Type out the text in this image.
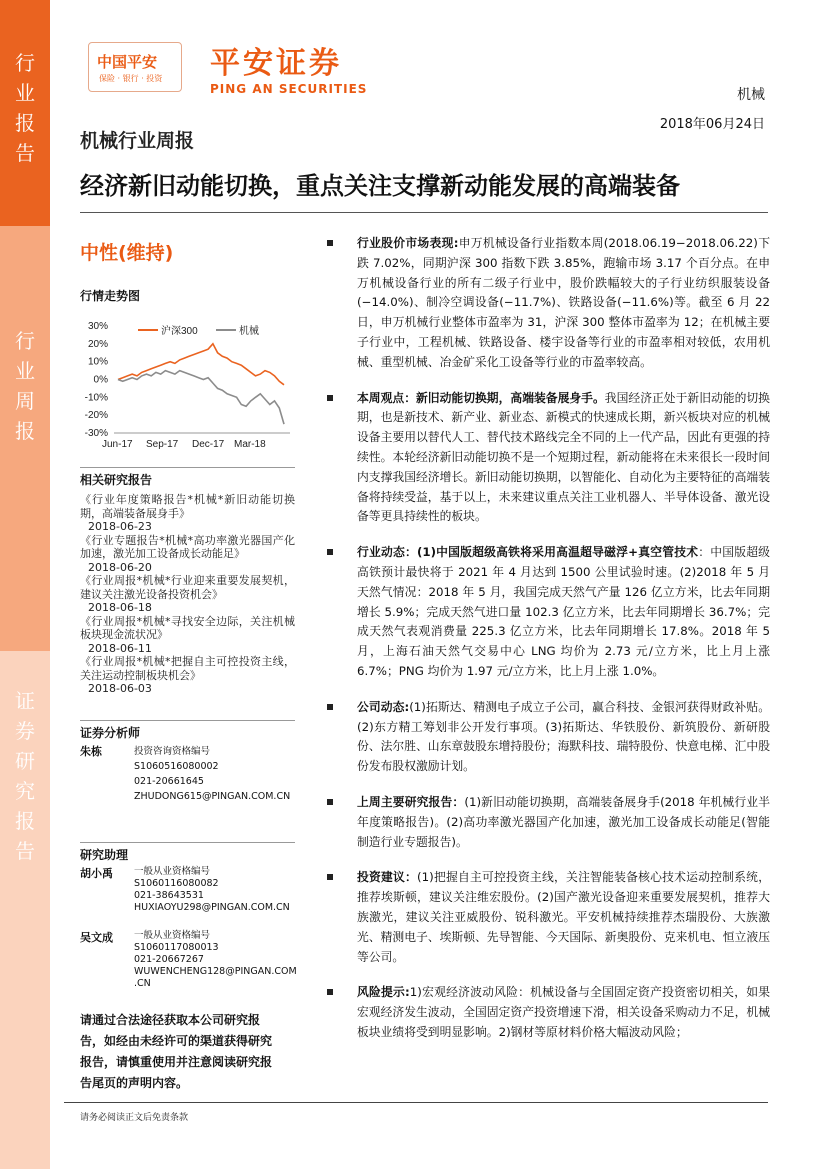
行
业
报
告
行
业
周
报
证
券
研
究
报
告
中国平安
保险 · 银行 · 投资 平安证券
PING AN SECURITIES	机械
2018年06月24日
机械行业周报
经济新旧动能切换，重点关注支撑新动能发展的高端装备
中性(维持)
行情走势图
30%
20%
10%
0%
-10%
-20%
-30%
Jun-17 Sep-17 Dec-17 Mar-18
沪深300	机械
相关研究报告
《行业年度策略报告*机械*新旧动能切换期，高端装备展身手》
2018-06-23
《行业专题报告*机械*高功率激光器国产化加速，激光加工设备成长动能足》
2018-06-20
《行业周报*机械*行业迎来重要发展契机，建议关注激光设备投资机会》
2018-06-18
《行业周报*机械*寻找安全边际，关注机械板块现金流状况》
2018-06-11
《行业周报*机械*把握自主可控投资主线，关注运动控制板块机会》
2018-06-03
证券分析师
朱栋	投资咨询资格编号
S1060516080002
021-20661645
ZHUDONG615@PINGAN.COM.CN
研究助理
胡小禹 一般从业资格编号
S1060116080082
021-38643531
HUXIAOYU298@PINGAN.COM.CN
吴文成 一般从业资格编号
S1060117080013
021-20667267
WUWENCHENG128@PINGAN.COM
.CN
请通过合法途径获取本公司研究报告，如经由未经许可的渠道获得研究报告，请慎重使用并注意阅读研究报告尾页的声明内容。
行业股价市场表现:申万机械设备行业指数本周(2018.06.19−2018.06.22)下跌 7.02%，同期沪深 300 指数下跌 3.85%，跑输市场 3.17 个百分点。在申万机械设备行业的所有二级子行业中，股价跌幅较大的子行业纺织服装设备(−14.0%)、制冷空调设备(−11.7%)、铁路设备(−11.6%)等。截至 6 月 22 日，申万机械行业整体市盈率为 31，沪深 300 整体市盈率为 12；在机械主要子行业中，工程机械、铁路设备、楼宇设备等行业的市盈率相对较低，农用机械、重型机械、冶金矿采化工设备等行业的市盈率较高。
本周观点：新旧动能切换期，高端装备展身手。我国经济正处于新旧动能的切换期，也是新技术、新产业、新业态、新模式的快速成长期，新兴板块对应的机械设备主要用以替代人工、替代技术路线完全不同的上一代产品，因此有更强的持续性。本轮经济新旧动能切换不是一个短期过程，新动能将在未来很长一段时间内支撑我国经济增长。新旧动能切换期，以智能化、自动化为主要特征的高端装备将持续受益，基于以上，未来建议重点关注工业机器人、半导体设备、激光设备等更具持续性的板块。
行业动态：(1)中国版超级高铁将采用高温超导磁浮+真空管技术：中国版超级高铁预计最快将于 2021 年 4 月达到 1500 公里试验时速。(2)2018 年 5 月天然气情况：2018 年 5 月，我国完成天然气产量 126 亿立方米，比去年同期增长 5.9%；完成天然气进口量 102.3 亿立方米，比去年同期增长 36.7%；完成天然气表观消费量 225.3 亿立方米，比去年同期增长 17.8%。2018 年 5 月，上海石油天然气交易中心 LNG 均价为 2.73 元/立方米，比上月上涨 6.7%；PNG 均价为 1.97 元/立方米，比上月上涨 1.0%。
公司动态:(1)拓斯达、精测电子成立子公司，赢合科技、金银河获得财政补贴。(2)东方精工筹划非公开发行事项。(3)拓斯达、华铁股份、新筑股份、新研股份、法尔胜、山东章鼓股东增持股份；海默科技、瑞特股份、快意电梯、汇中股份发布股权激励计划。
上周主要研究报告：(1)新旧动能切换期，高端装备展身手(2018 年机械行业半年度策略报告)。(2)高功率激光器国产化加速，激光加工设备成长动能足(智能制造行业专题报告)。
投资建议：(1)把握自主可控投资主线，关注智能装备核心技术运动控制系统，推荐埃斯顿，建议关注维宏股份。(2)国产激光设备迎来重要发展契机，推荐大族激光，建议关注亚威股份、锐科激光。平安机械持续推荐杰瑞股份、大族激光、精测电子、埃斯顿、先导智能、今天国际、新奥股份、克来机电、恒立液压等公司。
风险提示:1)宏观经济波动风险：机械设备与全国固定资产投资密切相关，如果宏观经济发生波动，全国固定资产投资增速下滑，相关设备采购动力不足，机械板块业绩将受到明显影响。2)钢材等原材料价格大幅波动风险；
请务必阅读正文后免责条款
